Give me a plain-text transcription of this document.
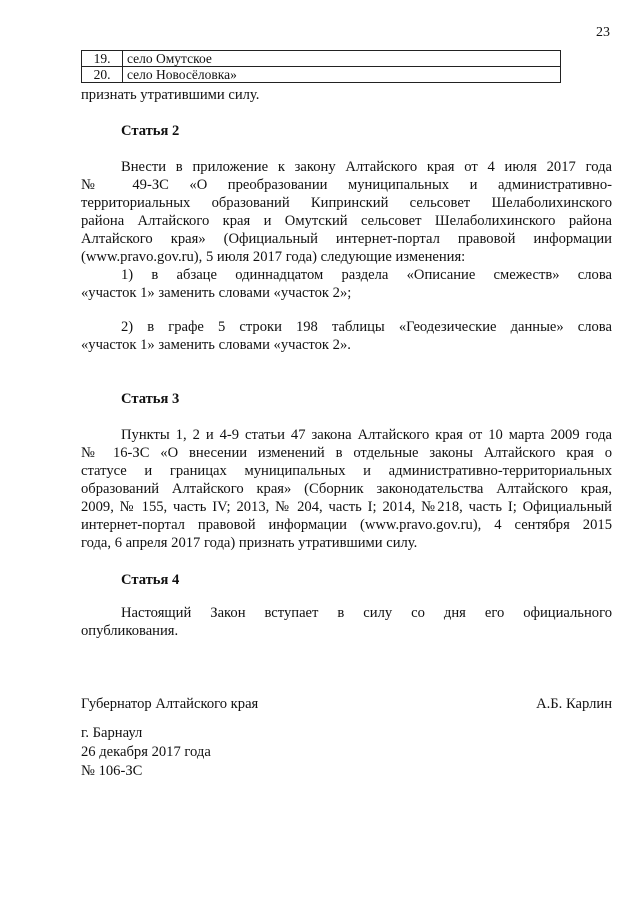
23
19.	село Омутское
20.	село Новосёловка»
признать утратившими силу.
Статья 2
Внести в приложение к закону Алтайского края от 4 июля 2017 года
№ 49-ЗС «О преобразовании муниципальных и административно-
территориальных образований Кипринский сельсовет Шелаболихинского
района Алтайского края и Омутский сельсовет Шелаболихинского района
Алтайского края» (Официальный интернет-портал правовой информации
(www.pravo.gov.ru), 5 июля 2017 года) следующие изменения:
1) в абзаце одиннадцатом раздела «Описание смежеств» слова
«участок 1» заменить словами «участок 2»;
2) в графе 5 строки 198 таблицы «Геодезические данные» слова
«участок 1» заменить словами «участок 2».
Статья 3
Пункты 1, 2 и 4-9 статьи 47 закона Алтайского края от 10 марта 2009 года
№ 16-ЗС «О внесении изменений в отдельные законы Алтайского края о
статусе и границах муниципальных и административно-территориальных
образований Алтайского края» (Сборник законодательства Алтайского края,
2009, № 155, часть IV; 2013, № 204, часть I; 2014, №218, часть I; Официальный
интернет-портал правовой информации (www.pravo.gov.ru), 4 сентября 2015
года, 6 апреля 2017 года) признать утратившими силу.
Статья 4
Настоящий Закон вступает в силу со дня его официального
опубликования.
Губернатор Алтайского края	А.Б. Карлин
г. Барнаул
26 декабря 2017 года
№ 106-ЗС
